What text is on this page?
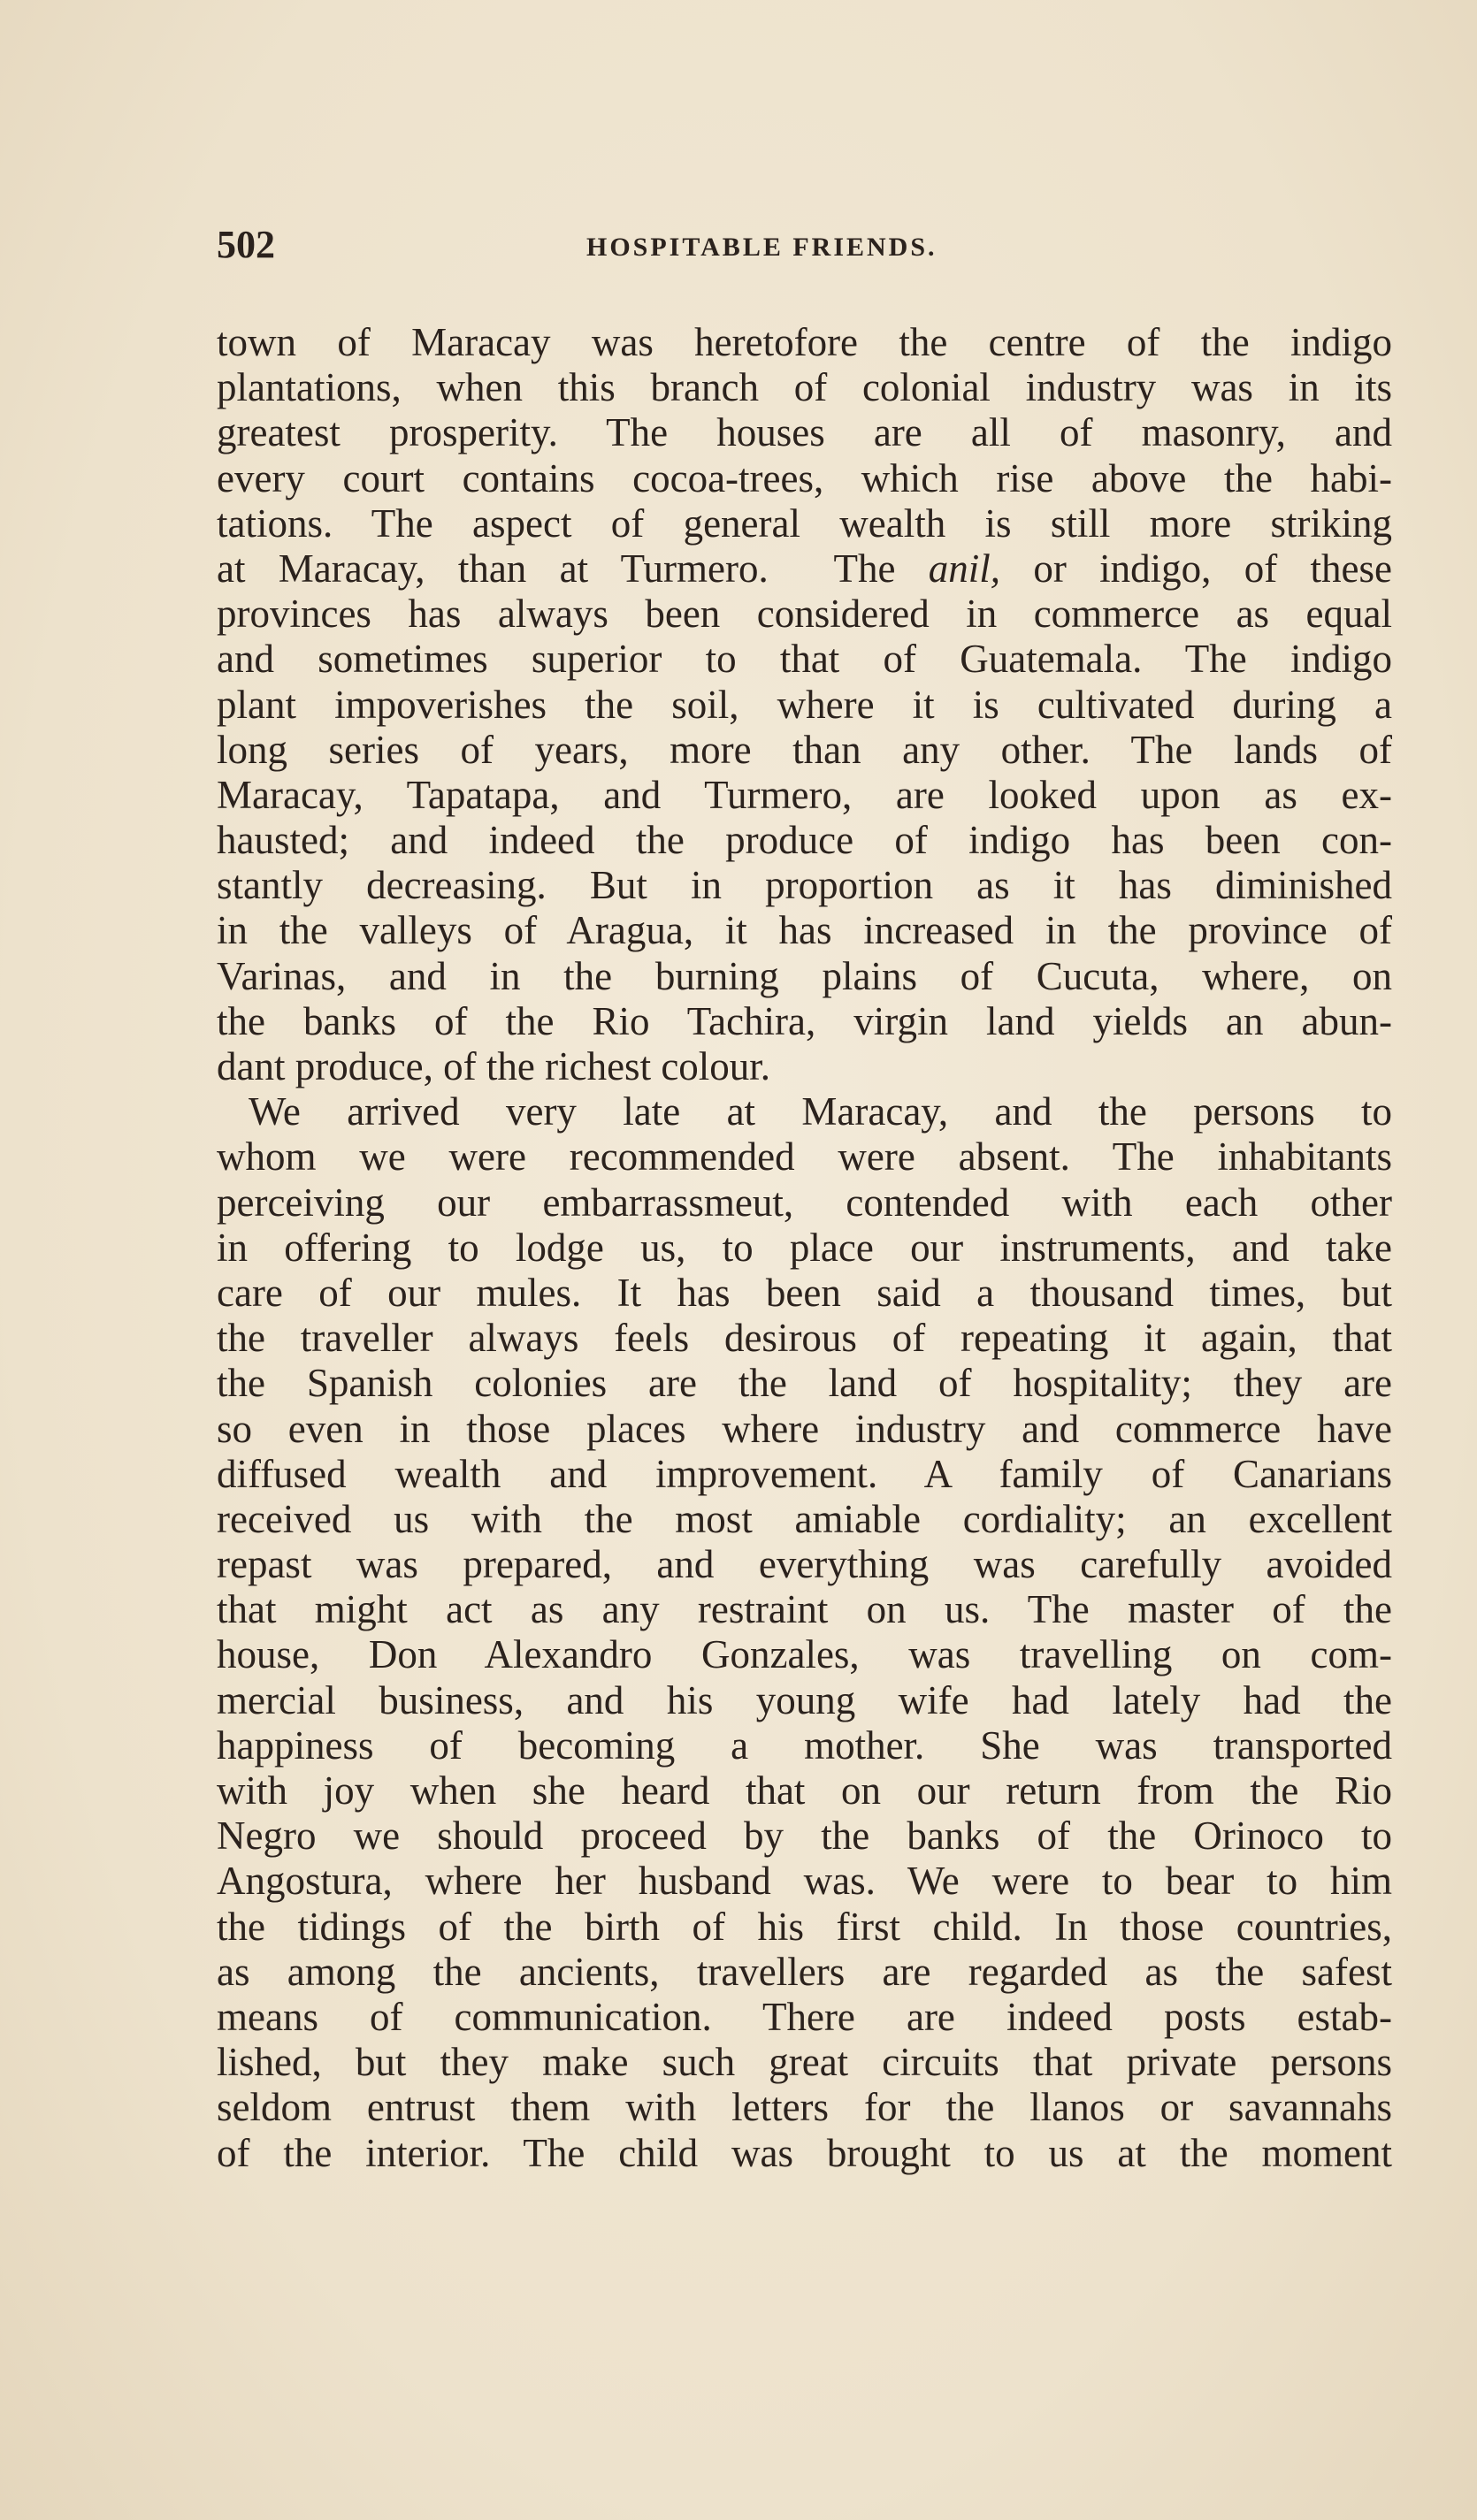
502	HOSPITABLE FRIENDS.
town of Maracay was heretofore the centre of the indigo
plantations, when this branch of colonial industry was in its
greatest prosperity. The houses are all of masonry, and
every court contains cocoa-trees, which rise above the habi-
tations. The aspect of general wealth is still more striking
at Maracay, than at Turmero.  The anil, or indigo, of these
provinces has always been considered in commerce as equal
and sometimes superior to that of Guatemala. The indigo
plant impoverishes the soil, where it is cultivated during a
long series of years, more than any other. The lands of
Maracay, Tapatapa, and Turmero, are looked upon as ex-
hausted; and indeed the produce of indigo has been con-
stantly decreasing. But in proportion as it has diminished
in the valleys of Aragua, it has increased in the province of
Varinas, and in the burning plains of Cucuta, where, on
the banks of the Rio Tachira, virgin land yields an abun-
dant produce, of the richest colour.
We arrived very late at Maracay, and the persons to
whom we were recommended were absent. The inhabitants
perceiving our embarrassmeut, contended with each other
in offering to lodge us, to place our instruments, and take
care of our mules. It has been said a thousand times, but
the traveller always feels desirous of repeating it again, that
the Spanish colonies are the land of hospitality; they are
so even in those places where industry and commerce have
diffused wealth and improvement. A family of Canarians
received us with the most amiable cordiality; an excellent
repast was prepared, and everything was carefully avoided
that might act as any restraint on us. The master of the
house, Don Alexandro Gonzales, was travelling on com-
mercial business, and his young wife had lately had the
happiness of becoming a mother. She was transported
with joy when she heard that on our return from the Rio
Negro we should proceed by the banks of the Orinoco to
Angostura, where her husband was. We were to bear to him
the tidings of the birth of his first child. In those countries,
as among the ancients, travellers are regarded as the safest
means of communication. There are indeed posts estab-
lished, but they make such great circuits that private persons
seldom entrust them with letters for the llanos or savannahs
of the interior. The child was brought to us at the moment
